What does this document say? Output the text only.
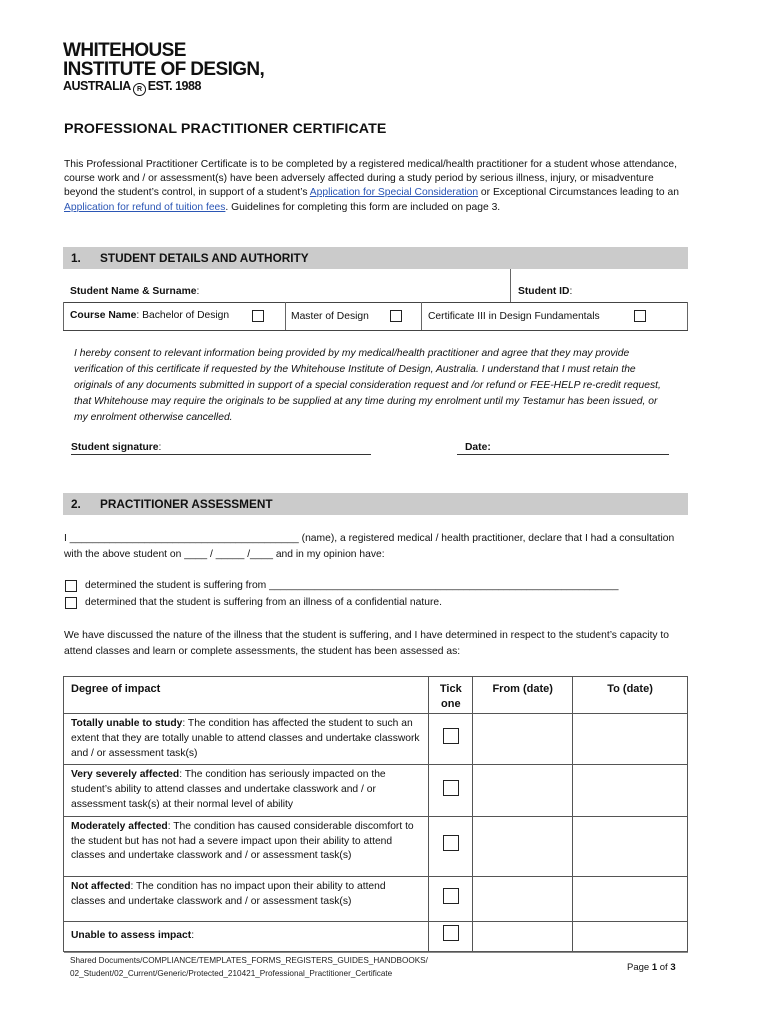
WHITEHOUSE
INSTITUTE OF DESIGN,
AUSTRALIA R EST. 1988
PROFESSIONAL PRACTITIONER CERTIFICATE
This Professional Practitioner Certificate is to be completed by a registered medical/health practitioner for a student whose attendance, course work and / or assessment(s) have been adversely affected during a study period by serious illness, injury, or misadventure beyond the student’s control, in support of a student’s Application for Special Consideration or Exceptional Circumstances leading to an Application for refund of tuition fees. Guidelines for completing this form are included on page 3.
1. STUDENT DETAILS AND AUTHORITY
Student Name & Surname:	Student ID:
Course Name: Bachelor of Design	Master of Design	Certificate III in Design Fundamentals
I hereby consent to relevant information being provided by my medical/health practitioner and agree that they may provide verification of this certificate if requested by the Whitehouse Institute of Design, Australia. I understand that I must retain the originals of any documents submitted in support of a special consideration request and /or refund or FEE-HELP re-credit request, that Whitehouse may require the originals to be supplied at any time during my enrolment until my Testamur has been issued, or my enrolment otherwise cancelled.
Student signature:	Date:
2. PRACTITIONER ASSESSMENT
I ________________________________________ (name), a registered medical / health practitioner, declare that I had a consultation with the above student on ____ / _____ /____ and in my opinion have:
determined the student is suffering from _____________________________________________________________
determined that the student is suffering from an illness of a confidential nature.
We have discussed the nature of the illness that the student is suffering, and I have determined in respect to the student’s capacity to attend classes and learn or complete assessments, the student has been assessed as:
Degree of impact	Tick one	From (date)	To (date)
Totally unable to study: The condition has affected the student to such an extent that they are totally unable to attend classes and undertake classwork and / or assessment task(s)			
Very severely affected: The condition has seriously impacted on the student’s ability to attend classes and undertake classwork and / or assessment task(s) at their normal level of ability			
Moderately affected: The condition has caused considerable discomfort to the student but has not had a severe impact upon their ability to attend classes and undertake classwork and / or assessment task(s)			
Not affected: The condition has no impact upon their ability to attend classes and undertake classwork and / or assessment task(s)			
Unable to assess impact:			
Shared Documents/COMPLIANCE/TEMPLATES_FORMS_REGISTERS_GUIDES_HANDBOOKS/
02_Student/02_Current/Generic/Protected_210421_Professional_Practitioner_Certificate
Page 1 of 3
